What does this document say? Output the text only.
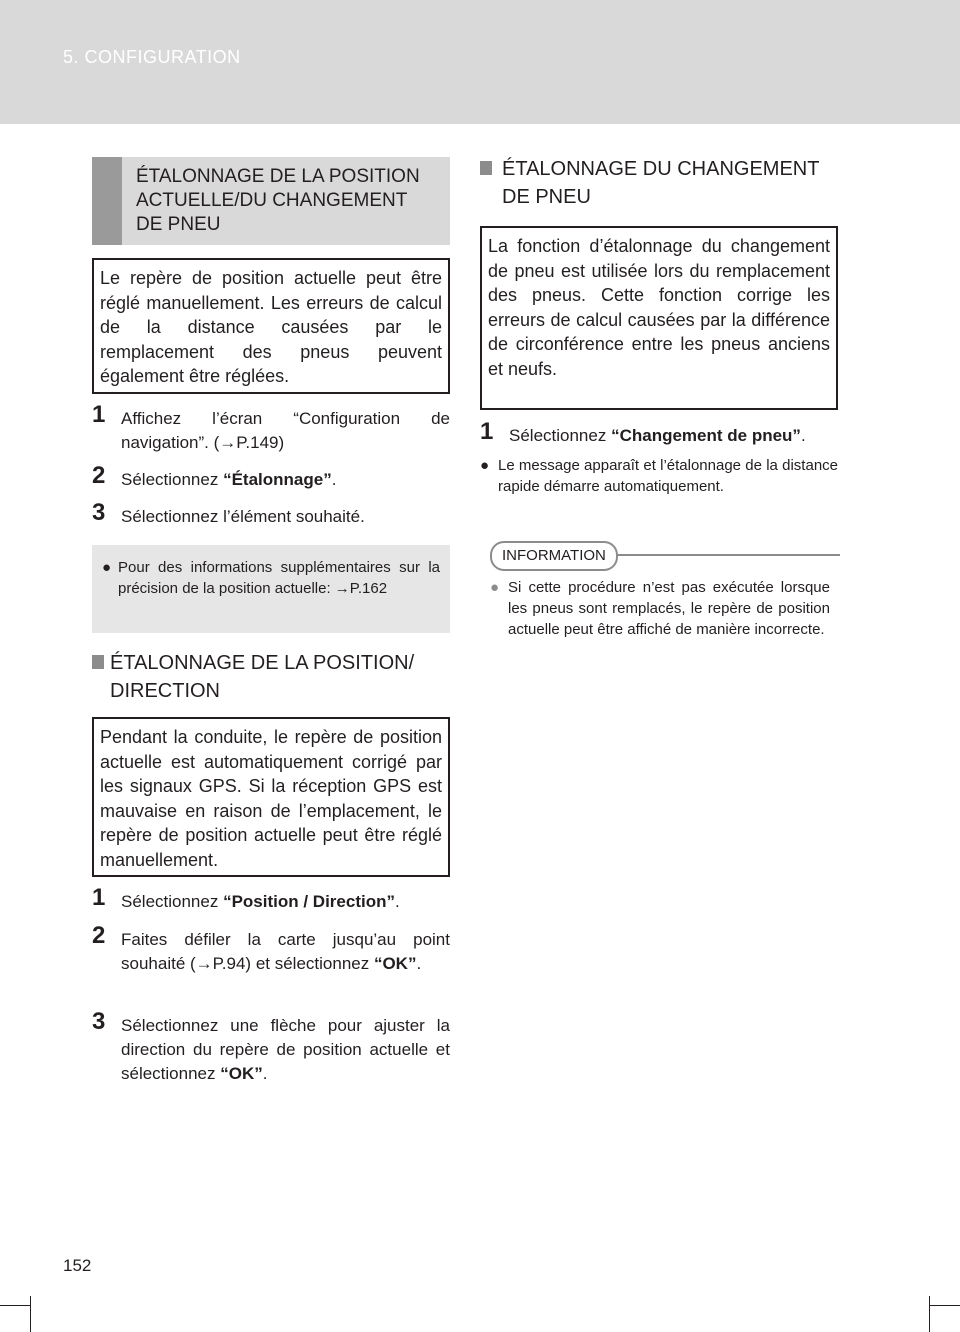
5. CONFIGURATION
ÉTALONNAGE DE LA POSITION ACTUELLE/DU CHANGEMENT DE PNEU
Le repère de position actuelle peut être réglé manuellement. Les erreurs de calcul de la distance causées par le remplacement des pneus peuvent également être réglées.
1 Affichez l’écran “Configuration de navigation”. (→P.149)
2 Sélectionnez “Étalonnage”.
3 Sélectionnez l’élément souhaité.
● Pour des informations supplémentaires sur la précision de la position actuelle: →P.162
ÉTALONNAGE DE LA POSITION/ DIRECTION
Pendant la conduite, le repère de position actuelle est automatiquement corrigé par les signaux GPS. Si la réception GPS est mauvaise en raison de l’emplacement, le repère de position actuelle peut être réglé manuellement.
1 Sélectionnez “Position / Direction”.
2 Faites défiler la carte jusqu’au point souhaité (→P.94) et sélectionnez “OK”.
3 Sélectionnez une flèche pour ajuster la direction du repère de position actuelle et sélectionnez “OK”.
ÉTALONNAGE DU CHANGEMENT DE PNEU
La fonction d’étalonnage du changement de pneu est utilisée lors du remplacement des pneus. Cette fonction corrige les erreurs de calcul causées par la différence de circonférence entre les pneus anciens et neufs.
1 Sélectionnez “Changement de pneu”.
● Le message apparaît et l’étalonnage de la distance rapide démarre automatiquement.
INFORMATION
● Si cette procédure n’est pas exécutée lorsque les pneus sont remplacés, le repère de position actuelle peut être affiché de manière incorrecte.
152
